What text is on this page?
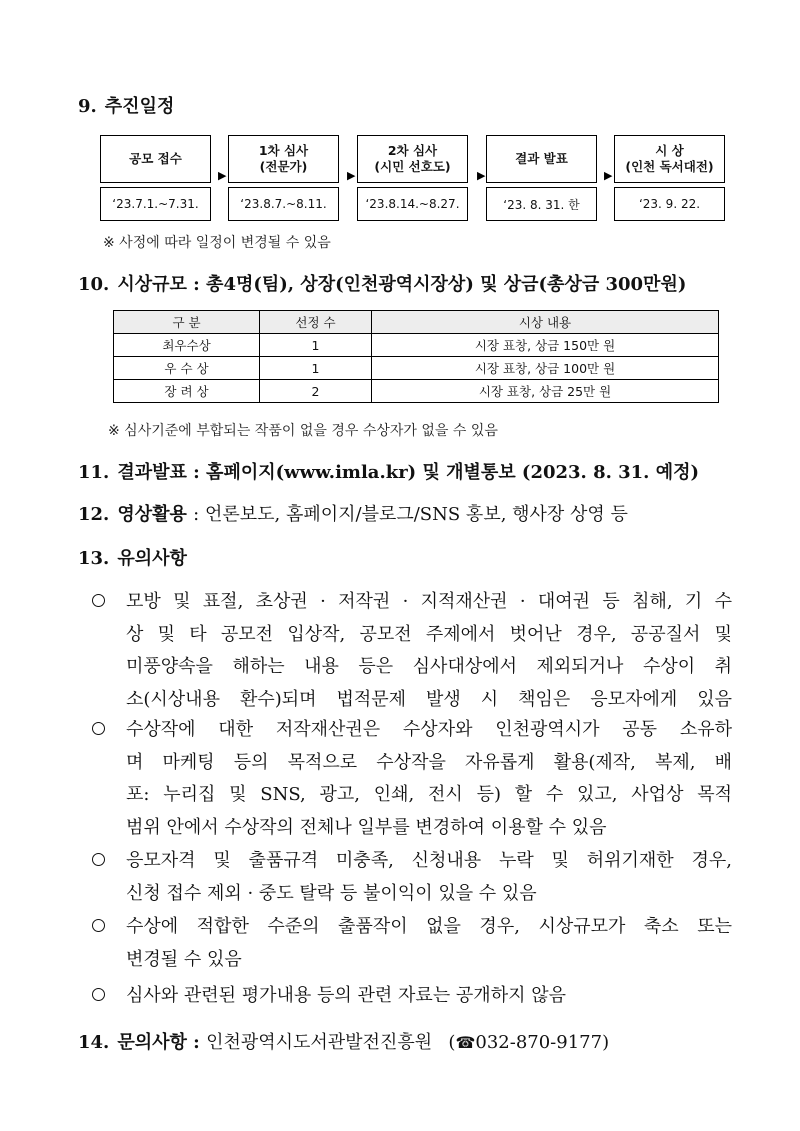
9. 추진일정
공모 접수
‘23.7.1.~7.31.
▶
1차 심사
(전문가)
‘23.8.7.~8.11.
▶
2차 심사
(시민 선호도)
‘23.8.14.~8.27.
▶
결과 발표
‘23. 8. 31. 한
▶
시 상
(인천 독서대전)
‘23. 9. 22.
※ 사정에 따라 일정이 변경될 수 있음
10. 시상규모 : 총4명(팀), 상장(인천광역시장상) 및 상금(총상금 300만원)
구 분	선정 수	시상 내용
최우수상	1	시장 표창, 상금 150만 원
우 수 상	1	시장 표창, 상금 100만 원
장 려 상	2	시장 표창, 상금 25만 원
※ 심사기준에 부합되는 작품이 없을 경우 수상자가 없을 수 있음
11. 결과발표 : 홈페이지(www.imla.kr) 및 개별통보 (2023. 8. 31. 예정)
12. 영상활용 : 언론보도, 홈페이지/블로그/SNS 홍보, 행사장 상영 등
13. 유의사항
모방 및 표절, 초상권 · 저작권 · 지적재산권 · 대여권 등 침해, 기 수
상 및 타 공모전 입상작, 공모전 주제에서 벗어난 경우, 공공질서 및
미풍양속을 해하는 내용 등은 심사대상에서 제외되거나 수상이 취
소(시상내용 환수)되며 법적문제 발생 시 책임은 응모자에게 있음
수상작에 대한 저작재산권은 수상자와 인천광역시가 공동 소유하
며 마케팅 등의 목적으로 수상작을 자유롭게 활용(제작, 복제, 배
포: 누리집 및 SNS, 광고, 인쇄, 전시 등) 할 수 있고, 사업상 목적
범위 안에서 수상작의 전체나 일부를 변경하여 이용할 수 있음
응모자격 및 출품규격 미충족, 신청내용 누락 및 허위기재한 경우,
신청 접수 제외 · 중도 탈락 등 불이익이 있을 수 있음
수상에 적합한 수준의 출품작이 없을 경우, 시상규모가 축소 또는
변경될 수 있음
심사와 관련된 평가내용 등의 관련 자료는 공개하지 않음
14. 문의사항 : 인천광역시도서관발전진흥원 (☎032-870-9177)
